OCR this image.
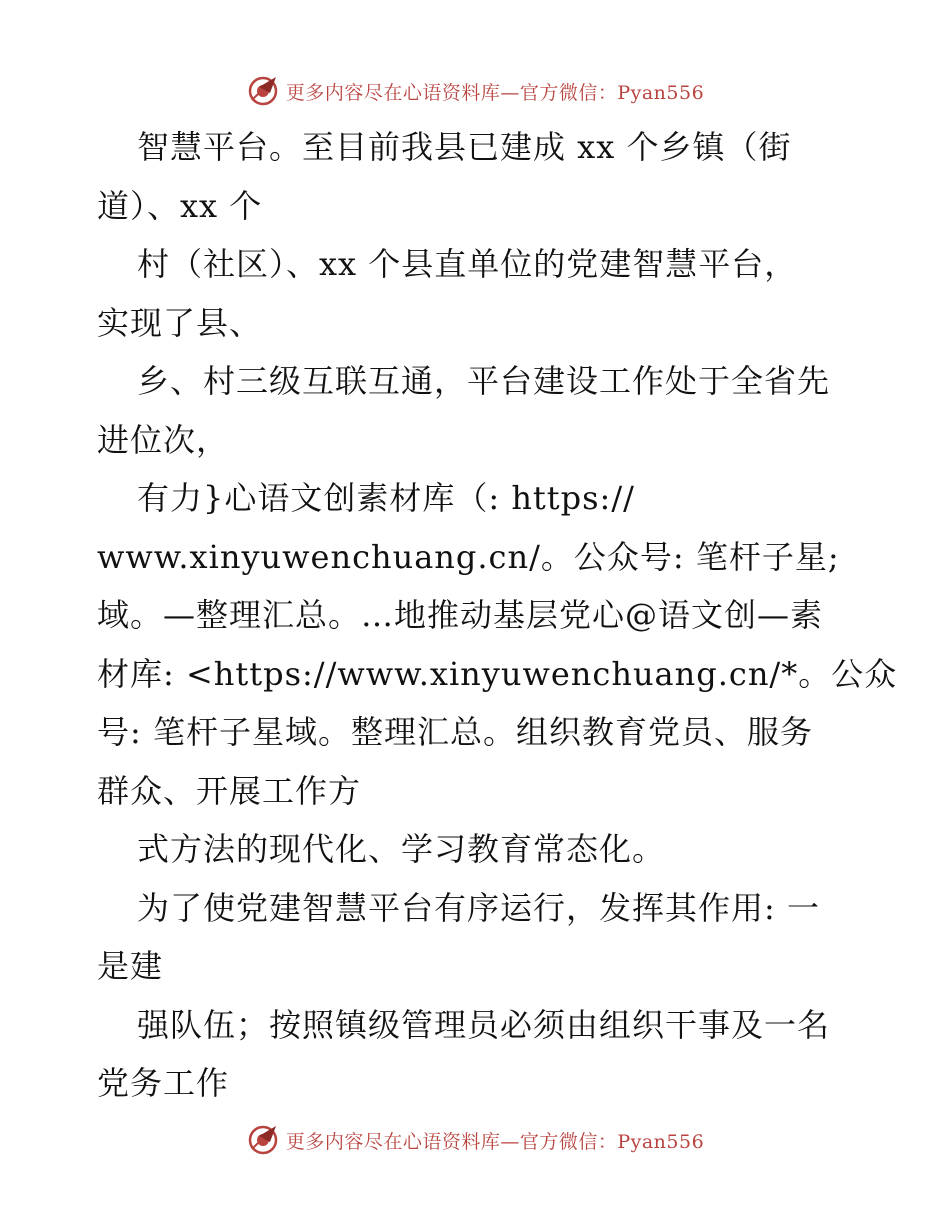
更多内容尽在心语资料库—官方微信：Pyan556
智慧平台。至目前我县已建成 xx 个乡镇（街
道）、xx 个
村（社区）、xx 个县直单位的党建智慧平台，
实现了县、
乡、村三级互联互通，平台建设工作处于全省先
进位次，
有力}心语文创素材库（: https://
www.xinyuwenchuang.cn/。公众号: 笔杆子星;
域。—整理汇总。…地推动基层党心@语文创—素
材库: <https://www.xinyuwenchuang.cn/*。公众
号: 笔杆子星域。整理汇总。组织教育党员、服务
群众、开展工作方
式方法的现代化、学习教育常态化。
为了使党建智慧平台有序运行，发挥其作用: 一
是建
强队伍；按照镇级管理员必须由组织干事及一名
党务工作
更多内容尽在心语资料库—官方微信：Pyan556
